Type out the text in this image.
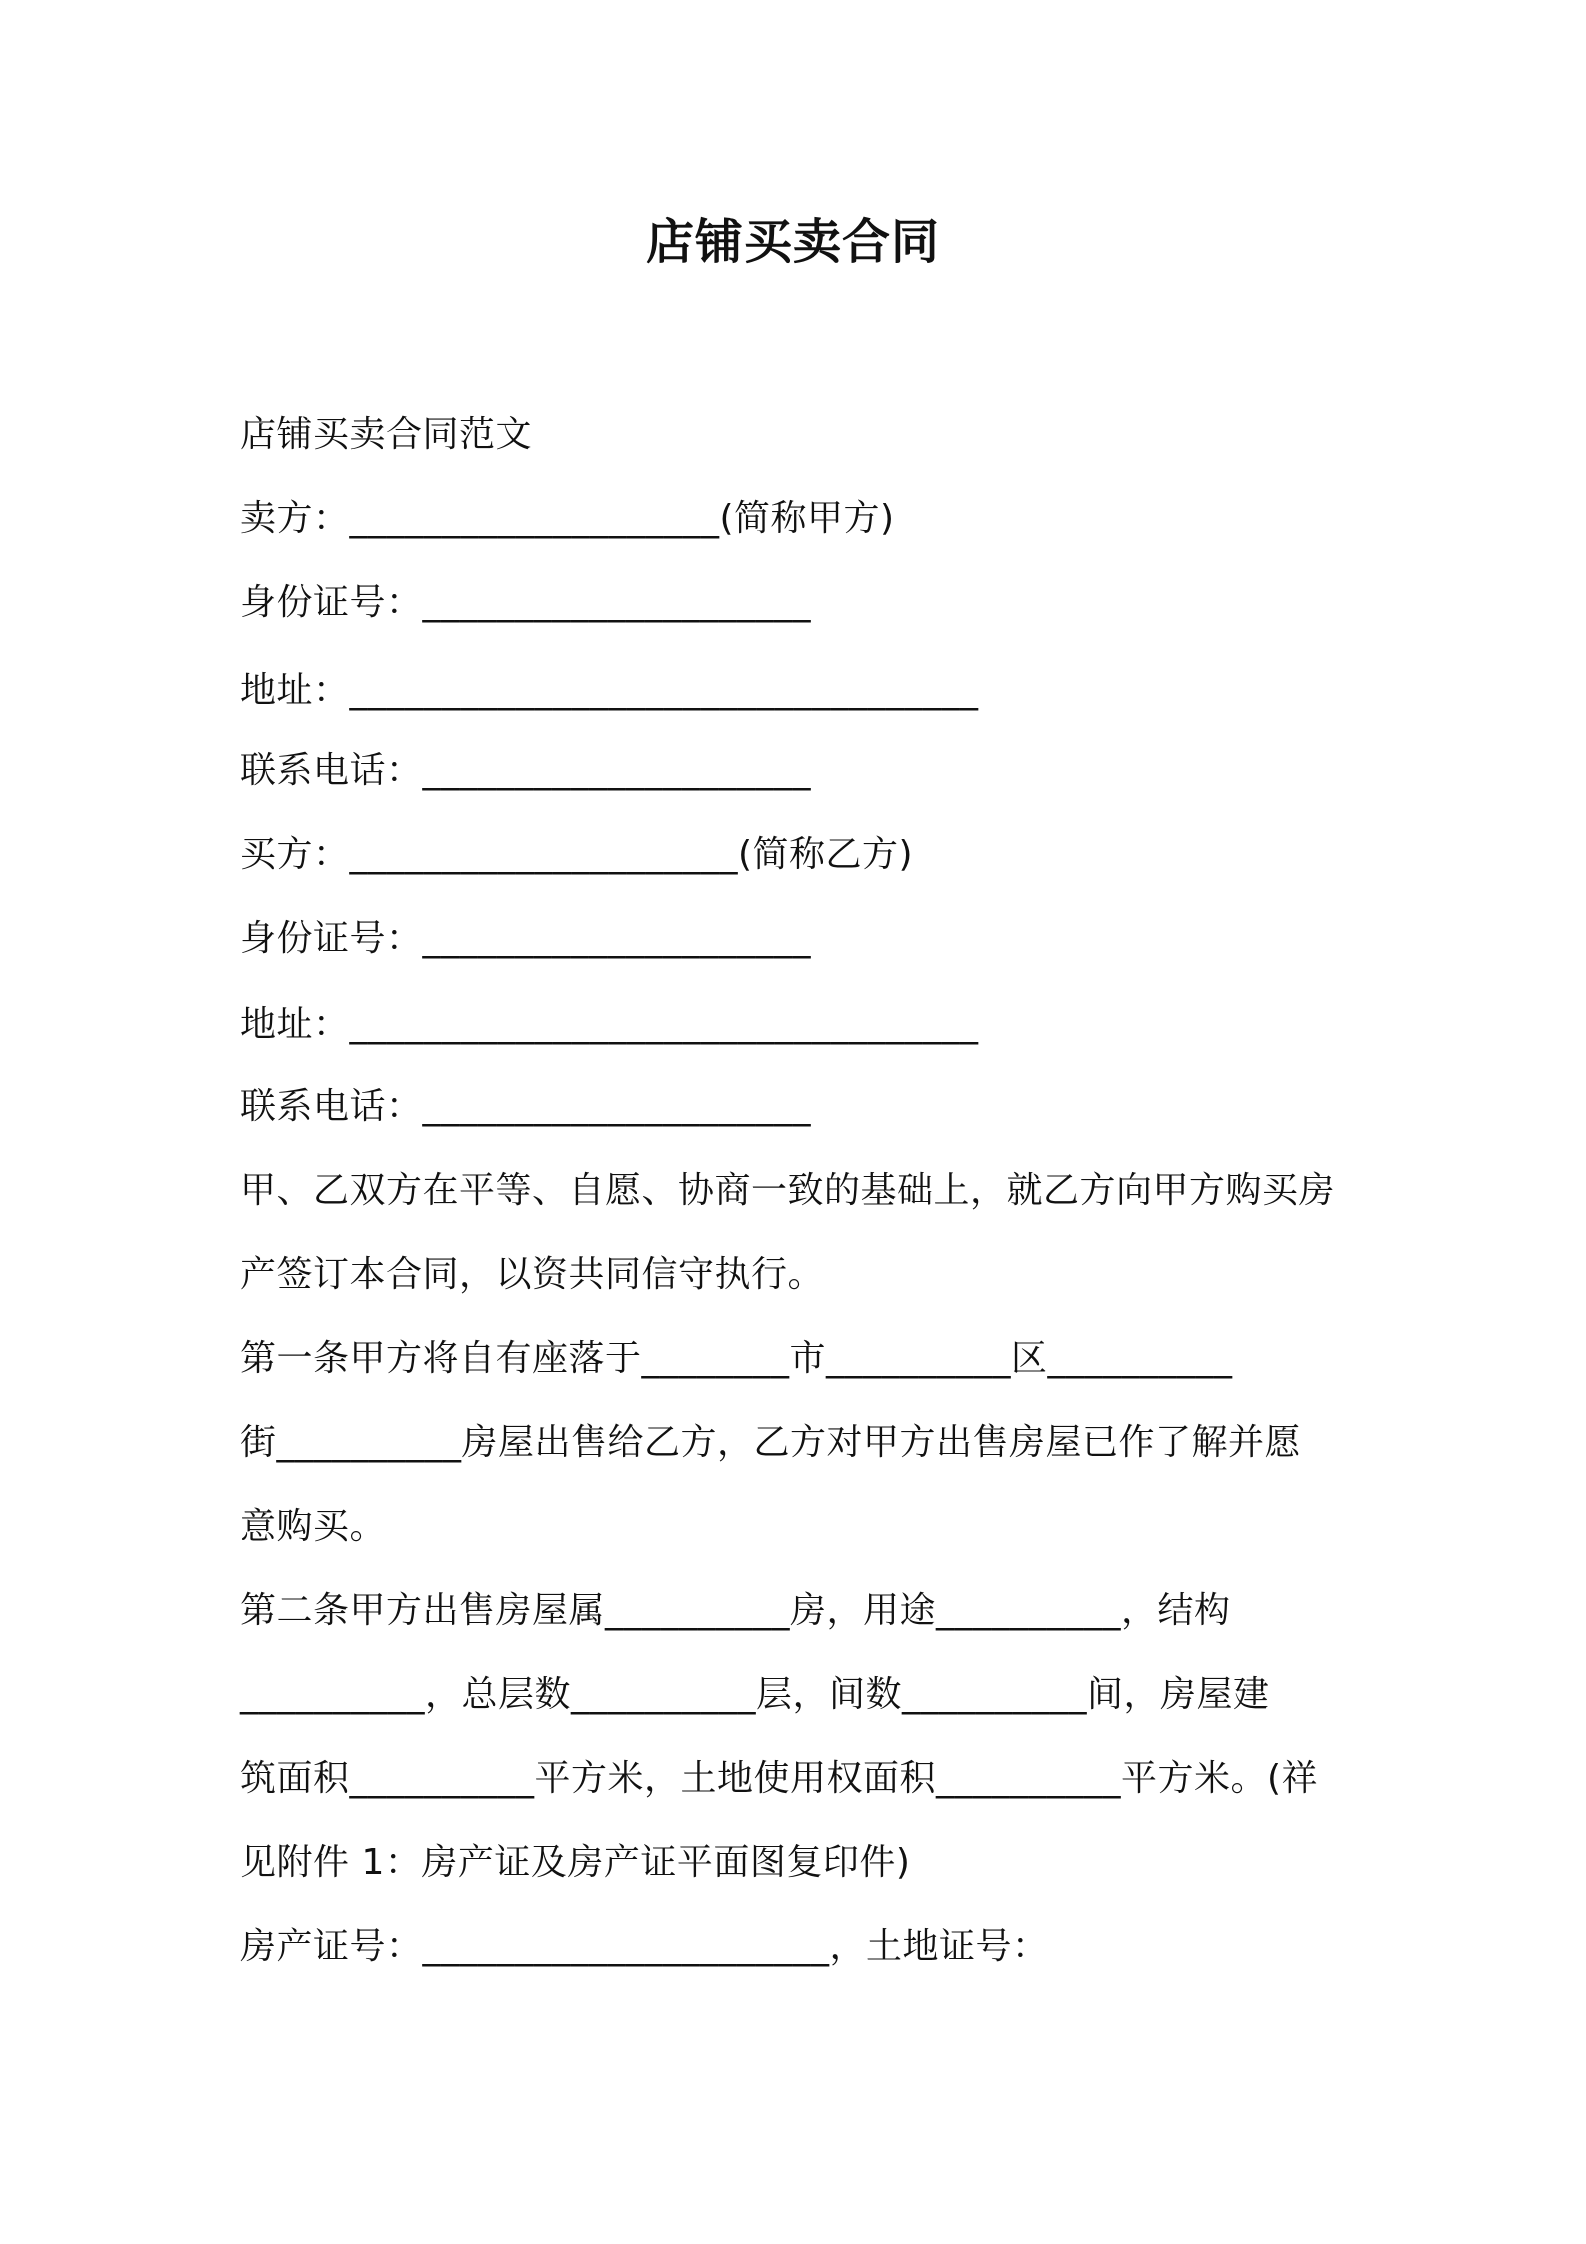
店铺买卖合同
店铺买卖合同范文
卖方：____________________(简称甲方)
身份证号：_____________________
地址：__________________________________
联系电话：_____________________
买方：_____________________(简称乙方)
身份证号：_____________________
地址：__________________________________
联系电话：_____________________
甲、乙双方在平等、自愿、协商一致的基础上，就乙方向甲方购买房
产签订本合同，以资共同信守执行。
第一条甲方将自有座落于________市__________区__________
街__________房屋出售给乙方，乙方对甲方出售房屋已作了解并愿
意购买。
第二条甲方出售房屋属__________房，用途__________，结构
__________，总层数__________层，间数__________间，房屋建
筑面积__________平方米，土地使用权面积__________平方米。(祥
见附件 1：房产证及房产证平面图复印件)
房产证号：______________________，土地证号：
